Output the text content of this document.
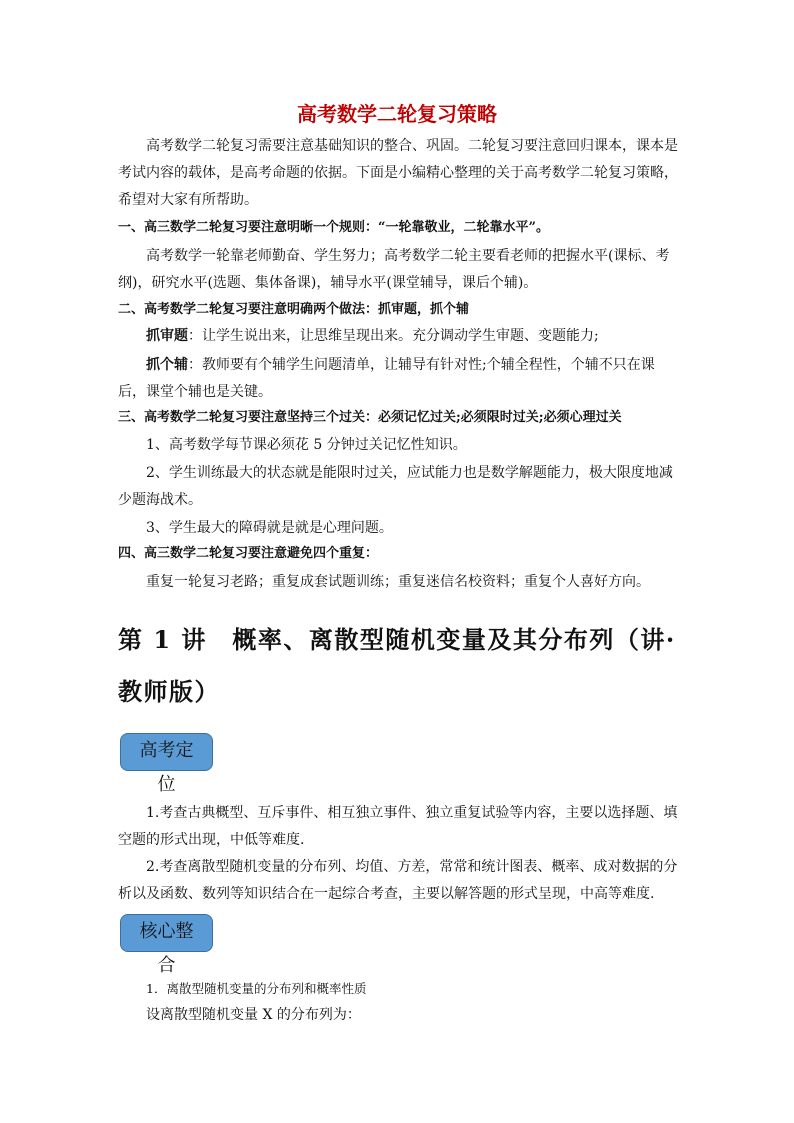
高考数学二轮复习策略

高考数学二轮复习需要注意基础知识的整合、巩固。二轮复习要注意回归课本，课本是考试内容的载体，是高考命题的依据。下面是小编精心整理的关于高考数学二轮复习策略，希望对大家有所帮助。

一、高三数学二轮复习要注意明晰一个规则：“一轮靠敬业，二轮靠水平”。

高考数学一轮靠老师勤奋、学生努力；高考数学二轮主要看老师的把握水平(课标、考纲)，研究水平(选题、集体备课)，辅导水平(课堂辅导，课后个辅)。

二、高考数学二轮复习要注意明确两个做法：抓审题，抓个辅

抓审题：让学生说出来，让思维呈现出来。充分调动学生审题、变题能力;

抓个辅：教师要有个辅学生问题清单，让辅导有针对性;个辅全程性，个辅不只在课后，课堂个辅也是关键。

三、高考数学二轮复习要注意坚持三个过关：必须记忆过关;必须限时过关;必须心理过关

1、高考数学每节课必须花 5 分钟过关记忆性知识。

2、学生训练最大的状态就是能限时过关，应试能力也是数学解题能力，极大限度地减少题海战术。

3、学生最大的障碍就是就是心理问题。

四、高三数学二轮复习要注意避免四个重复：

重复一轮复习老路；重复成套试题训练；重复迷信名校资料；重复个人喜好方向。

第 1 讲　概率、离散型随机变量及其分布列（讲·教师版）

高考定位

1.考查古典概型、互斥事件、相互独立事件、独立重复试验等内容，主要以选择题、填空题的形式出现，中低等难度.

2.考查离散型随机变量的分布列、均值、方差，常常和统计图表、概率、成对数据的分析以及函数、数列等知识结合在一起综合考查，主要以解答题的形式呈现，中高等难度.

核心整合

1．离散型随机变量的分布列和概率性质

设离散型随机变量 X 的分布列为：
